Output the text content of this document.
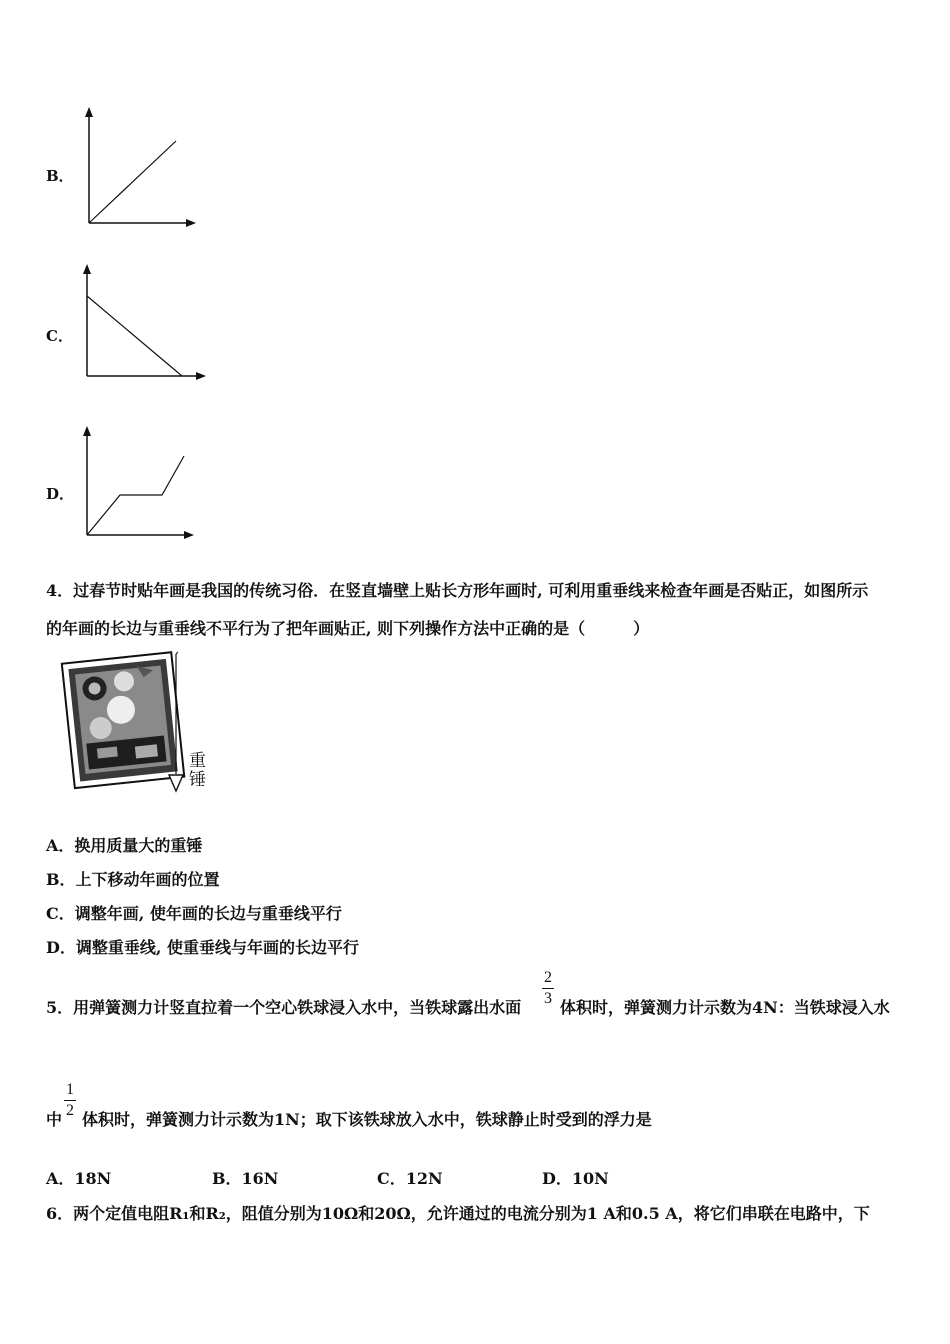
B．
C．
D．
4．过春节时贴年画是我国的传统习俗．在竖直墙壁上贴长方形年画时, 可利用重垂线来检查年画是否贴正，如图所示
的年画的长边与重垂线不平行为了把年画贴正, 则下列操作方法中正确的是（　　　）
重
锤
A．换用质量大的重锤
B．上下移动年画的位置
C．调整年画, 使年画的长边与重垂线平行
D．调整重垂线, 使重垂线与年画的长边平行
5．用弹簧测力计竖直拉着一个空心铁球浸入水中，当铁球露出水面
2
3 体积时，弹簧测力计示数为4N：当铁球浸入水
中
1
2 体积时，弹簧测力计示数为1N；取下该铁球放入水中，铁球静止时受到的浮力是
A．18N	B．16N	C．12N	D．10N
6．两个定值电阻R₁和R₂，阻值分别为10Ω和20Ω，允许通过的电流分别为1 A和0.5 A，将它们串联在电路中，下
